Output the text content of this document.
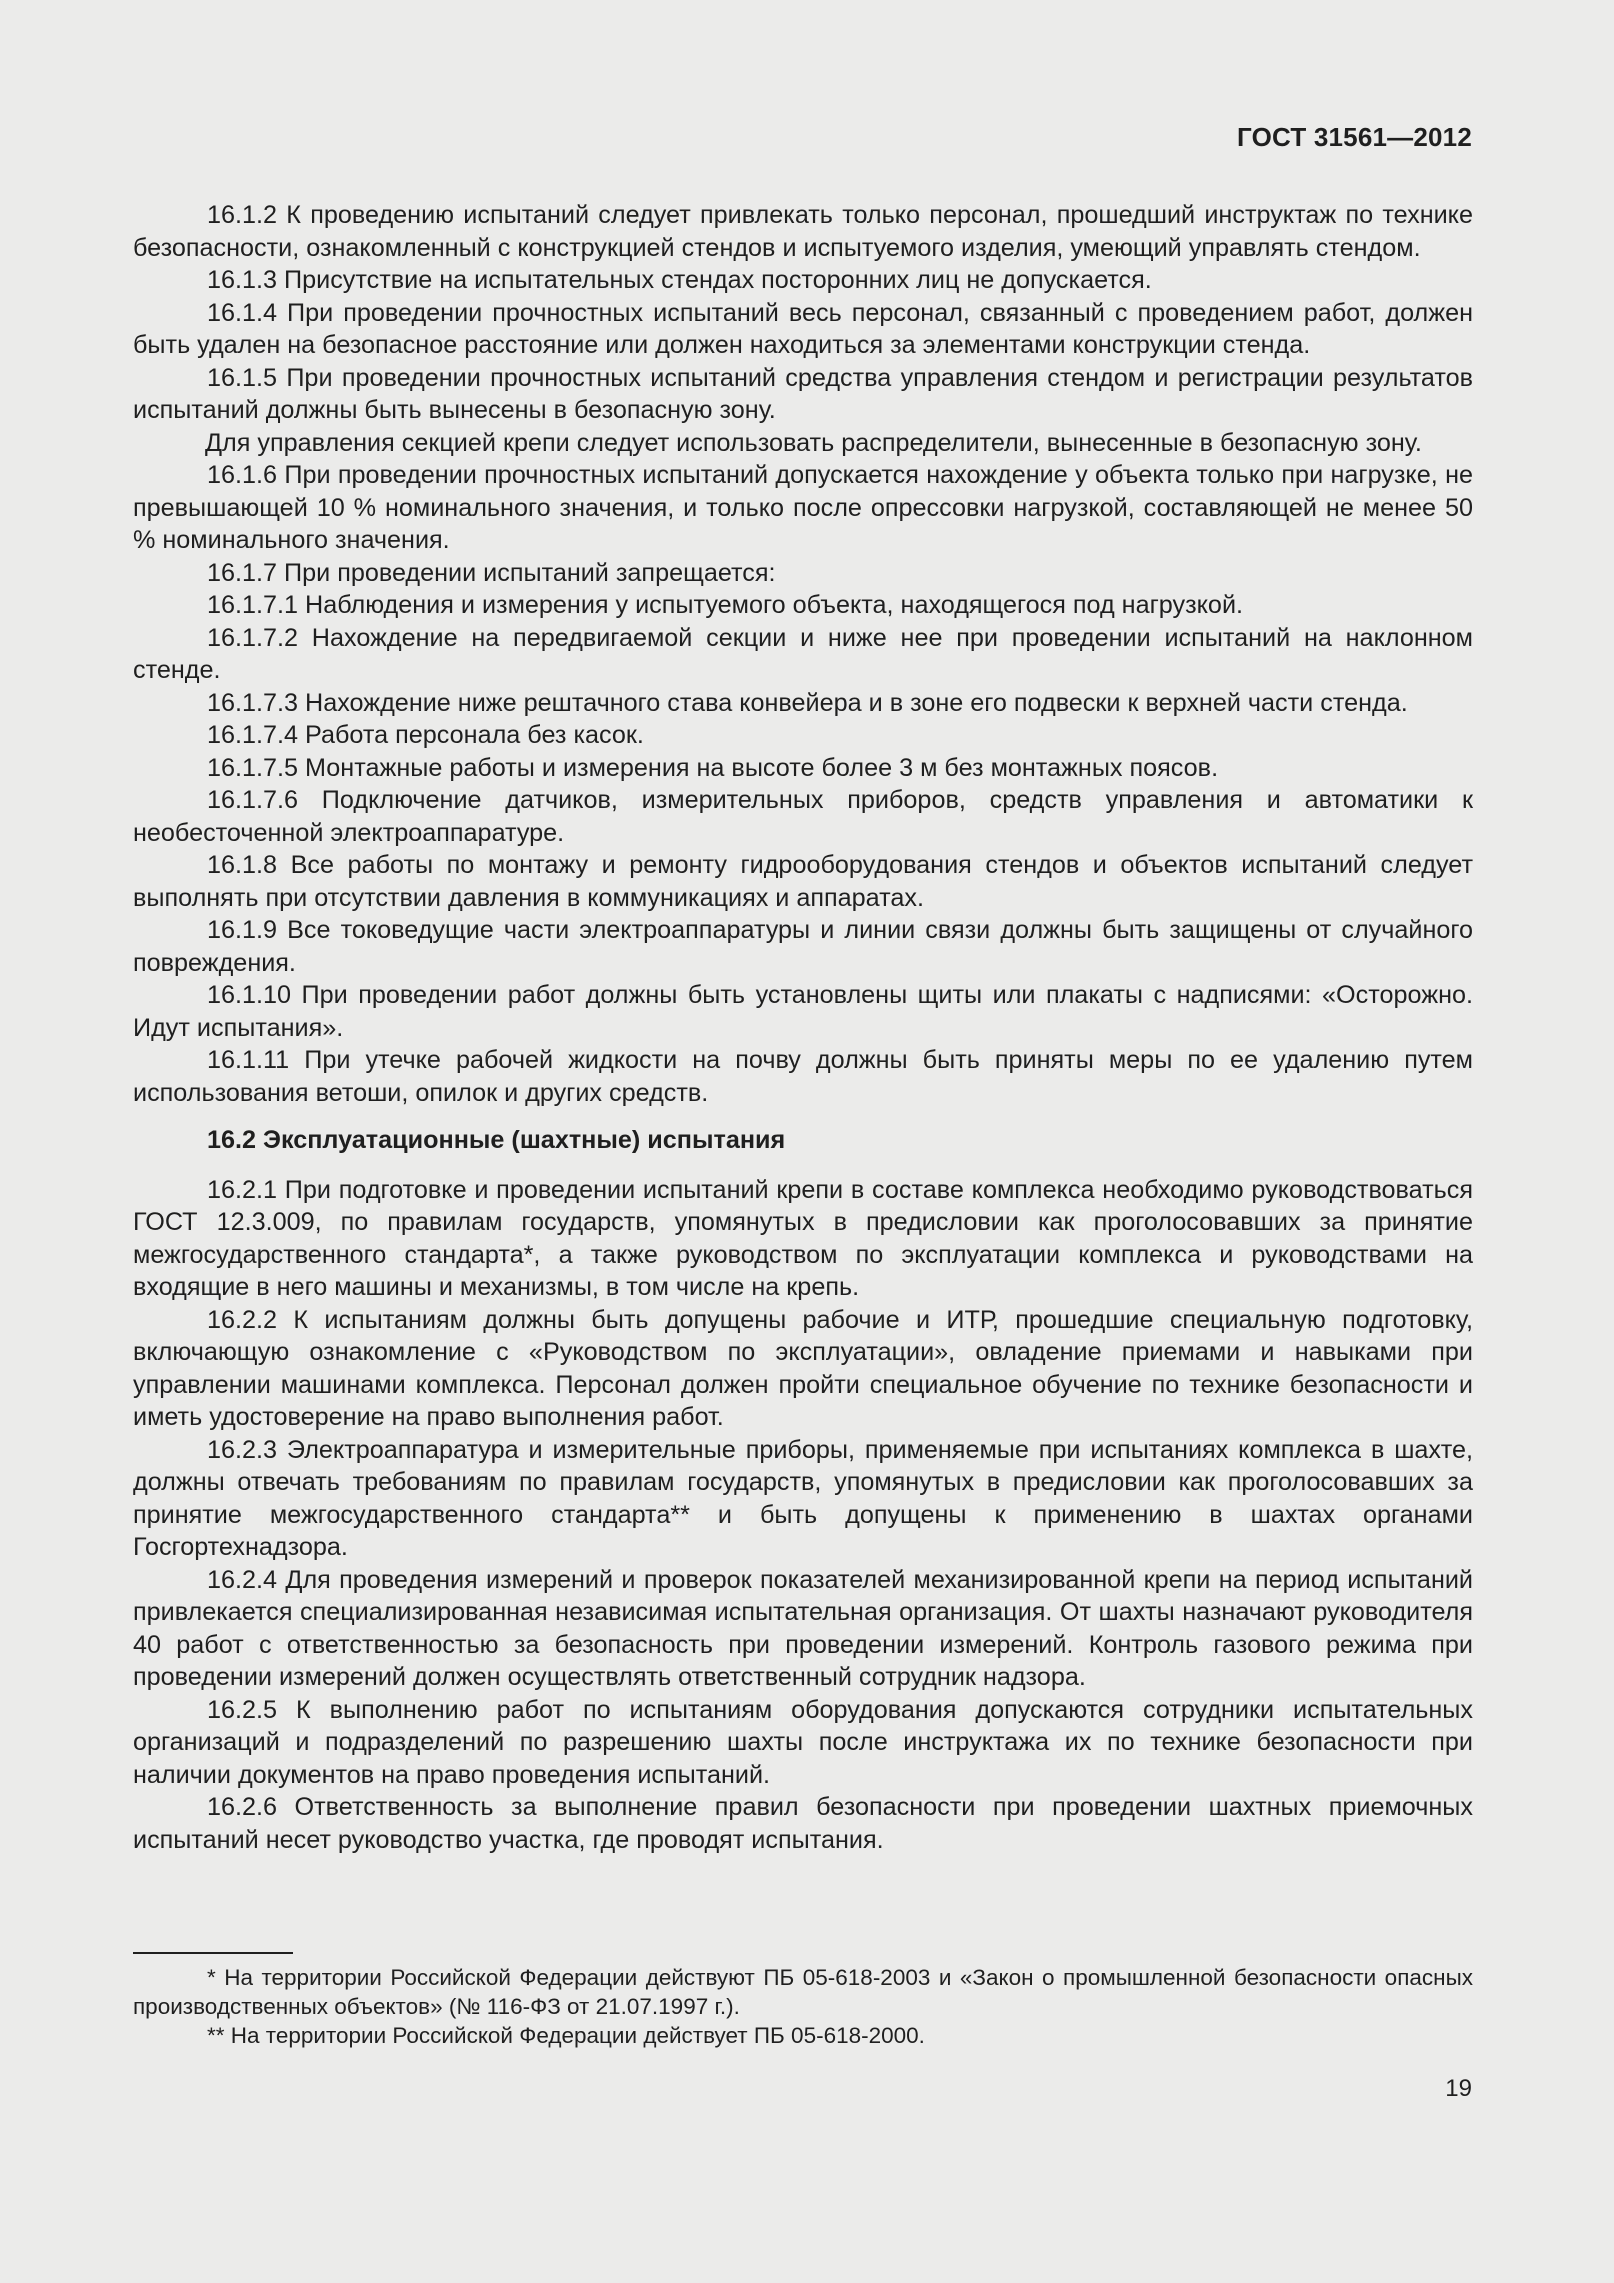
ГОСТ 31561—2012

16.1.2 К проведению испытаний следует привлекать только персонал, прошедший инструктаж по технике безопасности, ознакомленный с конструкцией стендов и испытуемого изделия, умеющий управлять стендом.

16.1.3 Присутствие на испытательных стендах посторонних лиц не допускается.

16.1.4 При проведении прочностных испытаний весь персонал, связанный с проведением работ, должен быть удален на безопасное расстояние или должен находиться за элементами конструкции стенда.

16.1.5 При проведении прочностных испытаний средства управления стендом и регистрации результатов испытаний должны быть вынесены в безопасную зону.

Для управления секцией крепи следует использовать распределители, вынесенные в безопасную зону.

16.1.6 При проведении прочностных испытаний допускается нахождение у объекта только при нагрузке, не превышающей 10 % номинального значения, и только после опрессовки нагрузкой, составляющей не менее 50 % номинального значения.

16.1.7 При проведении испытаний запрещается:

16.1.7.1 Наблюдения и измерения у испытуемого объекта, находящегося под нагрузкой.

16.1.7.2 Нахождение на передвигаемой секции и ниже нее при проведении испытаний на наклонном стенде.

16.1.7.3 Нахождение ниже рештачного става конвейера и в зоне его подвески к верхней части стенда.

16.1.7.4 Работа персонала без касок.

16.1.7.5 Монтажные работы и измерения на высоте более 3 м без монтажных поясов.

16.1.7.6 Подключение датчиков, измерительных приборов, средств управления и автоматики к необесточенной электроаппаратуре.

16.1.8 Все работы по монтажу и ремонту гидрооборудования стендов и объектов испытаний следует выполнять при отсутствии давления в коммуникациях и аппаратах.

16.1.9 Все токоведущие части электроаппаратуры и линии связи должны быть защищены от случайного повреждения.

16.1.10 При проведении работ должны быть установлены щиты или плакаты с надписями: «Осторожно. Идут испытания».

16.1.11 При утечке рабочей жидкости на почву должны быть приняты меры по ее удалению путем использования ветоши, опилок и других средств.

16.2 Эксплуатационные (шахтные) испытания

16.2.1 При подготовке и проведении испытаний крепи в составе комплекса необходимо руководствоваться ГОСТ 12.3.009, по правилам государств, упомянутых в предисловии как проголосовавших за принятие межгосударственного стандарта*, а также руководством по эксплуатации комплекса и руководствами на входящие в него машины и механизмы, в том числе на крепь.

16.2.2 К испытаниям должны быть допущены рабочие и ИТР, прошедшие специальную подготовку, включающую ознакомление с «Руководством по эксплуатации», овладение приемами и навыками при управлении машинами комплекса. Персонал должен пройти специальное обучение по технике безопасности и иметь удостоверение на право выполнения работ.

16.2.3 Электроаппаратура и измерительные приборы, применяемые при испытаниях комплекса в шахте, должны отвечать требованиям по правилам государств, упомянутых в предисловии как проголосовавших за принятие межгосударственного стандарта** и быть допущены к применению в шахтах органами Госгортехнадзора.

16.2.4 Для проведения измерений и проверок показателей механизированной крепи на период испытаний привлекается специализированная независимая испытательная организация. От шахты назначают руководителя 40 работ с ответственностью за безопасность при проведении измерений. Контроль газового режима при проведении измерений должен осуществлять ответственный сотрудник надзора.

16.2.5 К выполнению работ по испытаниям оборудования допускаются сотрудники испытательных организаций и подразделений по разрешению шахты после инструктажа их по технике безопасности при наличии документов на право проведения испытаний.

16.2.6 Ответственность за выполнение правил безопасности при проведении шахтных приемочных испытаний несет руководство участка, где проводят испытания.

* На территории Российской Федерации действуют ПБ 05-618-2003 и «Закон о промышленной безопасности опасных производственных объектов» (№ 116-ФЗ от 21.07.1997 г.).

** На территории Российской Федерации действует ПБ 05-618-2000.

19
